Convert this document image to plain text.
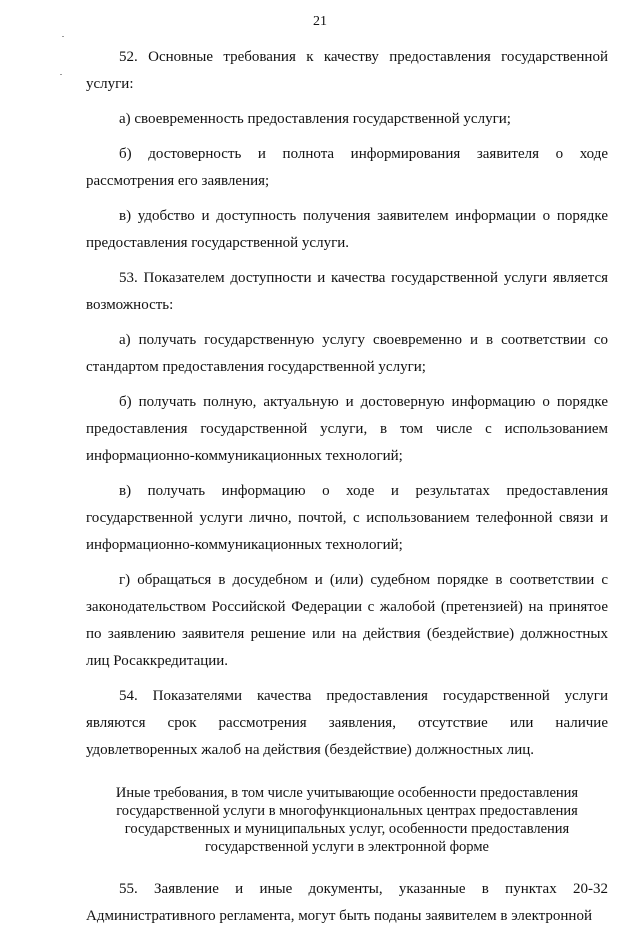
21

52. Основные требования к качеству предоставления государственной услуги:

а) своевременность предоставления государственной услуги;

б) достоверность и полнота информирования заявителя о ходе рассмотрения его заявления;

в) удобство и доступность получения заявителем информации о порядке предоставления государственной услуги.

53. Показателем доступности и качества государственной услуги является возможность:

а) получать государственную услугу своевременно и в соответствии со стандартом предоставления государственной услуги;

б) получать полную, актуальную и достоверную информацию о порядке предоставления государственной услуги, в том числе с использованием информационно-коммуникационных технологий;

в) получать информацию о ходе и результатах предоставления государственной услуги лично, почтой, с использованием телефонной связи и информационно-коммуникационных технологий;

г) обращаться в досудебном и (или) судебном порядке в соответствии с законодательством Российской Федерации с жалобой (претензией) на принятое по заявлению заявителя решение или на действия (бездействие) должностных лиц Росаккредитации.

54. Показателями качества предоставления государственной услуги являются срок рассмотрения заявления, отсутствие или наличие удовлетворенных жалоб на действия (бездействие) должностных лиц.

Иные требования, в том числе учитывающие особенности предоставления государственной услуги в многофункциональных центрах предоставления государственных и муниципальных услуг, особенности предоставления государственной услуги в электронной форме

55. Заявление и иные документы, указанные в пунктах 20-32 Административного регламента, могут быть поданы заявителем в электронной
